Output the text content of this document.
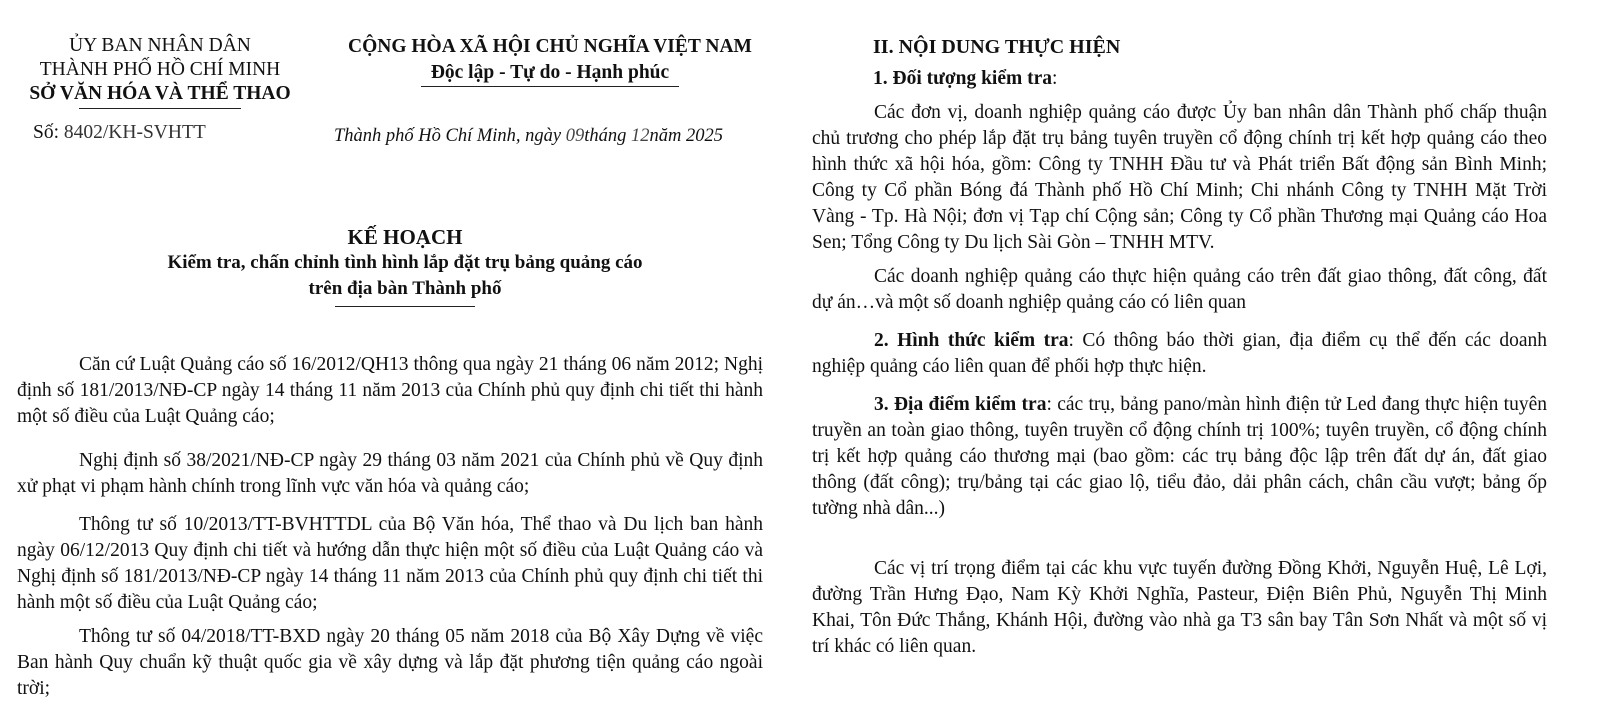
ỦY BAN NHÂN DÂN
THÀNH PHỐ HỒ CHÍ MINH
SỞ VĂN HÓA VÀ THỂ THAO
Số: 8402/KH-SVHTT
CỘNG HÒA XÃ HỘI CHỦ NGHĨA VIỆT NAM
Độc lập - Tự do - Hạnh phúc
Thành phố Hồ Chí Minh, ngày 09tháng 12năm 2025
KẾ HOẠCH
Kiểm tra, chấn chỉnh tình hình lắp đặt trụ bảng quảng cáo
trên địa bàn Thành phố

Căn cứ Luật Quảng cáo số 16/2012/QH13 thông qua ngày 21 tháng 06 năm 2012; Nghị định số 181/2013/NĐ-CP ngày 14 tháng 11 năm 2013 của Chính phủ quy định chi tiết thi hành một số điều của Luật Quảng cáo;

Nghị định số 38/2021/NĐ-CP ngày 29 tháng 03 năm 2021 của Chính phủ về Quy định xử phạt vi phạm hành chính trong lĩnh vực văn hóa và quảng cáo;

Thông tư số 10/2013/TT-BVHTTDL của Bộ Văn hóa, Thể thao và Du lịch ban hành ngày 06/12/2013 Quy định chi tiết và hướng dẫn thực hiện một số điều của Luật Quảng cáo và Nghị định số 181/2013/NĐ-CP ngày 14 tháng 11 năm 2013 của Chính phủ quy định chi tiết thi hành một số điều của Luật Quảng cáo;

Thông tư số 04/2018/TT-BXD ngày 20 tháng 05 năm 2018 của Bộ Xây Dựng về việc Ban hành Quy chuẩn kỹ thuật quốc gia về xây dựng và lắp đặt phương tiện quảng cáo ngoài trời;

II. NỘI DUNG THỰC HIỆN
1. Đối tượng kiểm tra:

Các đơn vị, doanh nghiệp quảng cáo được Ủy ban nhân dân Thành phố chấp thuận chủ trương cho phép lắp đặt trụ bảng tuyên truyền cổ động chính trị kết hợp quảng cáo theo hình thức xã hội hóa, gồm: Công ty TNHH Đầu tư và Phát triển Bất động sản Bình Minh; Công ty Cổ phần Bóng đá Thành phố Hồ Chí Minh; Chi nhánh Công ty TNHH Mặt Trời Vàng - Tp. Hà Nội; đơn vị Tạp chí Cộng sản; Công ty Cổ phần Thương mại Quảng cáo Hoa Sen; Tổng Công ty Du lịch Sài Gòn – TNHH MTV.

Các doanh nghiệp quảng cáo thực hiện quảng cáo trên đất giao thông, đất công, đất dự án…và một số doanh nghiệp quảng cáo có liên quan

2. Hình thức kiểm tra: Có thông báo thời gian, địa điểm cụ thể đến các doanh nghiệp quảng cáo liên quan để phối hợp thực hiện.

3. Địa điểm kiểm tra: các trụ, bảng pano/màn hình điện tử Led đang thực hiện tuyên truyền an toàn giao thông, tuyên truyền cổ động chính trị 100%; tuyên truyền, cổ động chính trị kết hợp quảng cáo thương mại (bao gồm: các trụ bảng độc lập trên đất dự án, đất giao thông (đất công); trụ/bảng tại các giao lộ, tiểu đảo, dải phân cách, chân cầu vượt; bảng ốp tường nhà dân...)

Các vị trí trọng điểm tại các khu vực tuyến đường Đồng Khởi, Nguyễn Huệ, Lê Lợi, đường Trần Hưng Đạo, Nam Kỳ Khởi Nghĩa, Pasteur, Điện Biên Phủ, Nguyễn Thị Minh Khai, Tôn Đức Thắng, Khánh Hội, đường vào nhà ga T3 sân bay Tân Sơn Nhất và một số vị trí khác có liên quan.
